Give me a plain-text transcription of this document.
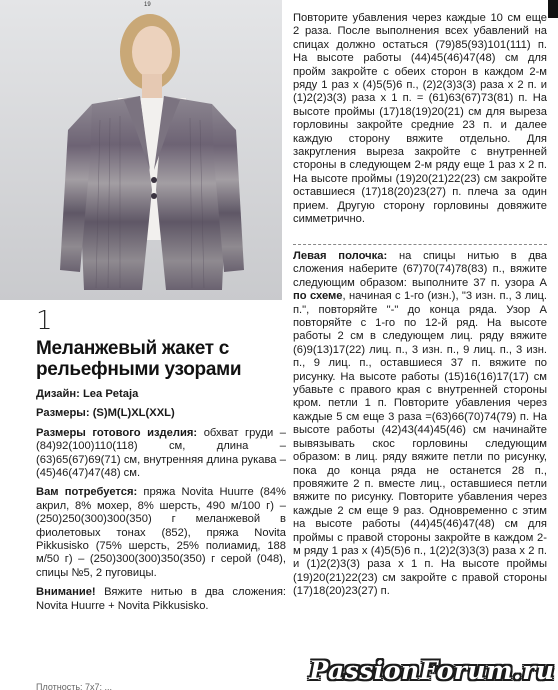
19
1
Меланжевый жакет с рельефными узорами
Дизайн: Lea Petaja
Размеры: (S)M(L)XL(XXL)
Размеры готового изделия: обхват груди – (84)92(100)110(118) см, длина – (63)65(67)69(71) см, внутренняя длина рукава – (45)46(47)47(48) см.
Вам потребуется: пряжа Novita Huurre (84% акрил, 8% мохер, 8% шерсть, 490 м/100 г) – (250)250(300)300(350) г меланжевой в фиолетовых тонах (852), пряжа Novita Pikkusisko (75% шерсть, 25% полиамид, 188 м/50 г) – (250)300(300)350(350) г серой (048), спицы №5, 2 пуговицы.
Внимание! Вяжите нитью в два сложения: Novita Huurre + Novita Pikkusisko.
Плотность: 7х7: ...
Повторите убавления через каждые 10 см еще 2 раза. После выполнения всех убавлений на спицах должно остаться (79)85(93)101(111) п. На высоте работы (44)45(46)47(48) см для пройм закройте с обеих сторон в каждом 2-м ряду 1 раз х (4)5(5)6 п., (2)2(3)3(3) раза х 2 п. и (1)2(2)3(3) раза х 1 п. = (61)63(67)73(81) п. На высоте проймы (17)18(19)20(21) см для выреза горловины закройте средние 23 п. и далее каждую сторону вяжите отдельно. Для закругления выреза закройте с внутренней стороны в следующем 2-м ряду еще 1 раз х 2 п. На высоте проймы (19)20(21)22(23) см закройте оставшиеся (17)18(20)23(27) п. плеча за один прием. Другую сторону горловины довяжите симметрично.
Левая полочка: на спицы нитью в два сложения наберите (67)70(74)78(83) п., вяжите следующим образом: выполните 37 п. узора А по схеме, начиная с 1-го (изн.), "3 изн. п., 3 лиц. п.", повторяйте "-" до конца ряда. Узор А повторяйте с 1-го по 12-й ряд. На высоте работы 2 см в следующем лиц. ряду вяжите (6)9(13)17(22) лиц. п., 3 изн. п., 9 лиц. п., 3 изн. п., 9 лиц. п., оставшиеся 37 п. вяжите по рисунку. На высоте работы (15)16(16)17(17) см убавьте с правого края с внутренней стороны кром. петли 1 п. Повторите убавления через каждые 5 см еще 3 раза =(63)66(70)74(79) п. На высоте работы (42)43(44)45(46) см начинайте вывязывать скос горловины следующим образом: в лиц. ряду вяжите петли по рисунку, пока до конца ряда не останется 28 п., провяжите 2 п. вместе лиц., оставшиеся петли вяжите по рисунку. Повторите убавления через каждые 2 см еще 9 раз. Одновременно с этим на высоте работы (44)45(46)47(48) см для проймы с правой стороны закройте в каждом 2-м ряду 1 раз х (4)5(5)6 п., 1(2)2(3)3(3) раза х 2 п. и (1)2(2)3(3) раза х 1 п. На высоте проймы (19)20(21)22(23) см закройте с правой стороны (17)18(20)23(27) п.
PassionForum.ru
